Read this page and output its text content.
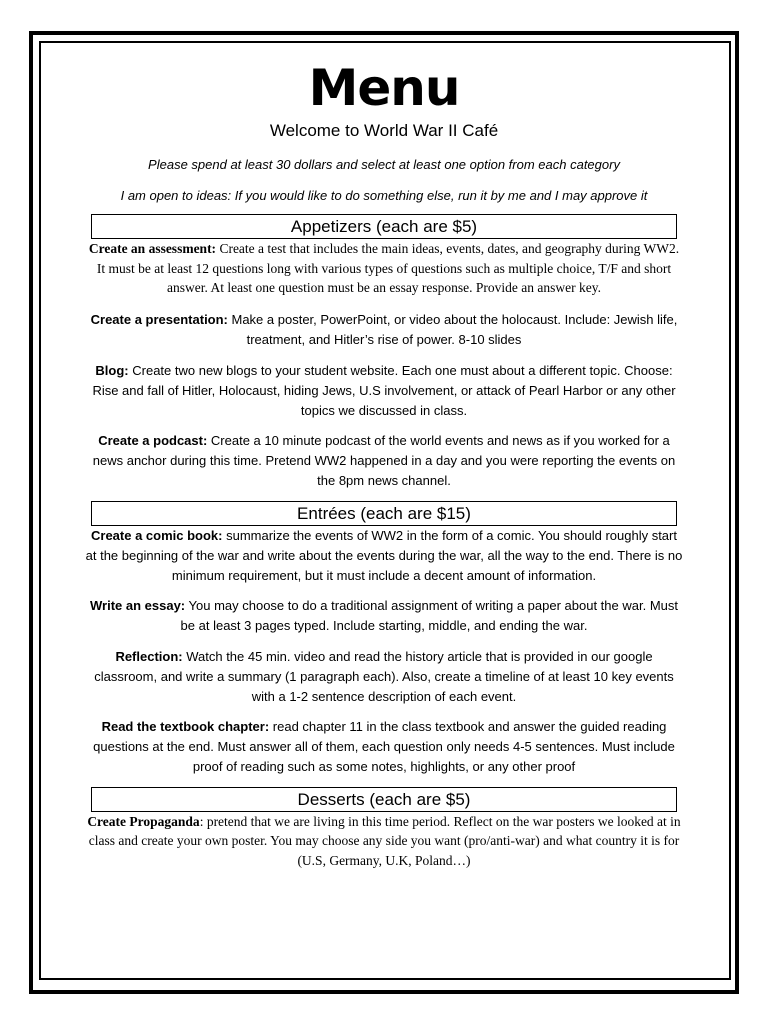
Menu
Welcome to World War II Café
Please spend at least 30 dollars and select at least one option from each category
I am open to ideas: If you would like to do something else, run it by me and I may approve it
Appetizers (each are $5)
Create an assessment: Create a test that includes the main ideas, events, dates, and geography during WW2. It must be at least 12 questions long with various types of questions such as multiple choice, T/F and short answer. At least one question must be an essay response. Provide an answer key.
Create a presentation: Make a poster, PowerPoint, or video about the holocaust. Include: Jewish life, treatment, and Hitler’s rise of power. 8-10 slides
Blog: Create two new blogs to your student website. Each one must about a different topic. Choose: Rise and fall of Hitler, Holocaust, hiding Jews, U.S involvement, or attack of Pearl Harbor or any other topics we discussed in class.
Create a podcast: Create a 10 minute podcast of the world events and news as if you worked for a news anchor during this time. Pretend WW2 happened in a day and you were reporting the events on the 8pm news channel.
Entrées (each are $15)
Create a comic book: summarize the events of WW2 in the form of a comic. You should roughly start at the beginning of the war and write about the events during the war, all the way to the end. There is no minimum requirement, but it must include a decent amount of information.
Write an essay: You may choose to do a traditional assignment of writing a paper about the war. Must be at least 3 pages typed. Include starting, middle, and ending the war.
Reflection: Watch the 45 min. video and read the history article that is provided in our google classroom, and write a summary (1 paragraph each). Also, create a timeline of at least 10 key events with a 1-2 sentence description of each event.
Read the textbook chapter: read chapter 11 in the class textbook and answer the guided reading questions at the end. Must answer all of them, each question only needs 4-5 sentences. Must include proof of reading such as some notes, highlights, or any other proof
Desserts (each are $5)
Create Propaganda: pretend that we are living in this time period. Reflect on the war posters we looked at in class and create your own poster. You may choose any side you want (pro/anti-war) and what country it is for (U.S, Germany, U.K, Poland…)
